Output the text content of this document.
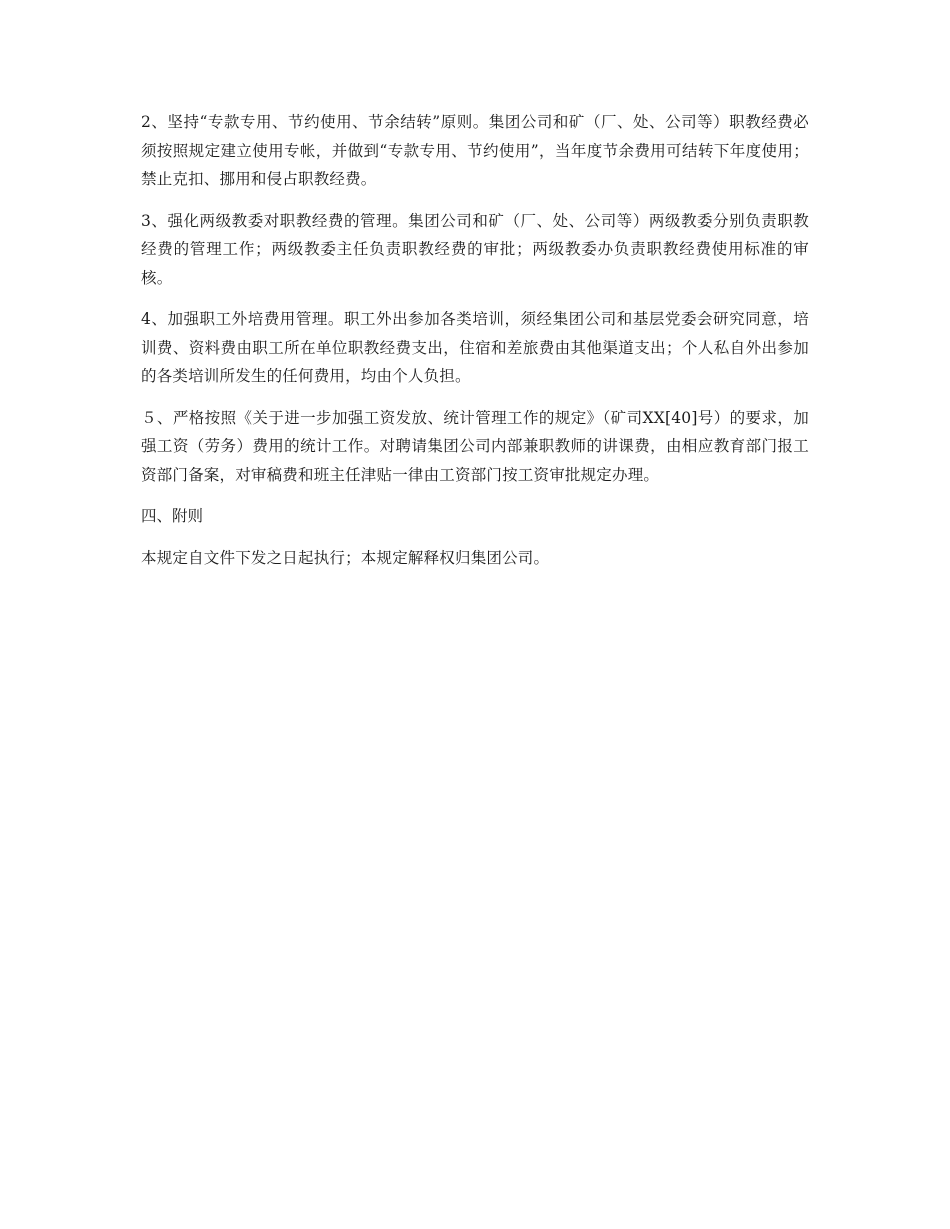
2、坚持“专款专用、节约使用、节余结转”原则。集团公司和矿（厂、处、公司等）职教经费必须按照规定建立使用专帐，并做到“专款专用、节约使用”，当年度节余费用可结转下年度使用；禁止克扣、挪用和侵占职教经费。

3、强化两级教委对职教经费的管理。集团公司和矿（厂、处、公司等）两级教委分别负责职教经费的管理工作；两级教委主任负责职教经费的审批；两级教委办负责职教经费使用标准的审核。

4、加强职工外培费用管理。职工外出参加各类培训，须经集团公司和基层党委会研究同意，培训费、资料费由职工所在单位职教经费支出，住宿和差旅费由其他渠道支出；个人私自外出参加的各类培训所发生的任何费用，均由个人负担。

５、严格按照《关于进一步加强工资发放、统计管理工作的规定》（矿司XX[40]号）的要求，加强工资（劳务）费用的统计工作。对聘请集团公司内部兼职教师的讲课费，由相应教育部门报工资部门备案，对审稿费和班主任津贴一律由工资部门按工资审批规定办理。

四、附则

本规定自文件下发之日起执行；本规定解释权归集团公司。
